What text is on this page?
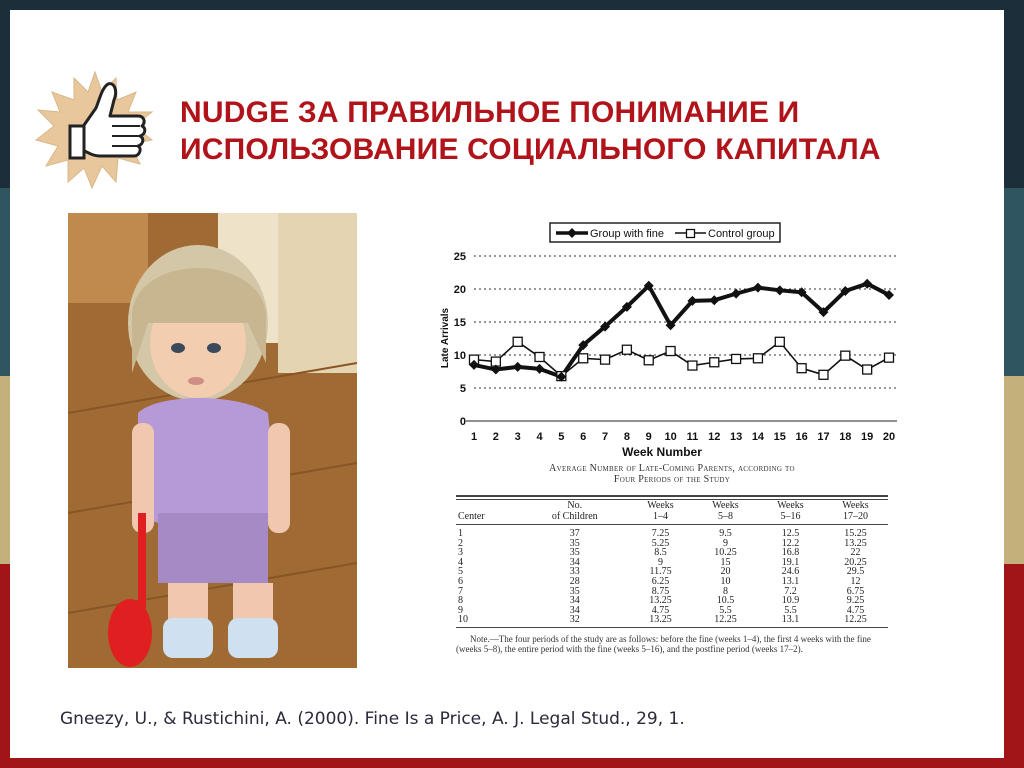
NUDGE ЗА ПРАВИЛЬНОЕ ПОНИМАНИЕ И
ИСПОЛЬЗОВАНИЕ СОЦИАЛЬНОГО КАПИТАЛА
Group with fine	Control group
0
5
10
15
20
25
1 2 3 4 5 6 7 8 9 10 11 12 13 14 15 16 17 18 19 20
Week Number
Late Arrivals
Average Number of Late-Coming Parents, according to
Four Periods of the Study
	No.	Weeks	Weeks	Weeks	Weeks
Center	of Children	1–4	5–8	5–16	17–20
1	37	7.25	9.5	12.5	15.25
2	35	5.25	9	12.2	13.25
3	35	8.5	10.25	16.8	22
4	34	9	15	19.1	20.25
5	33	11.75	20	24.6	29.5
6	28	6.25	10	13.1	12
7	35	8.75	8	7.2	6.75
8	34	13.25	10.5	10.9	9.25
9	34	4.75	5.5	5.5	4.75
10	32	13.25	12.25	13.1	12.25
Note.—The four periods of the study are as follows: before the fine (weeks 1–4), the first 4 weeks with the fine (weeks 5–8), the entire period with the fine (weeks 5–16), and the postfine period (weeks 17–2).
Gneezy, U., & Rustichini, A. (2000). Fine Is a Price, A. J. Legal Stud., 29, 1.
